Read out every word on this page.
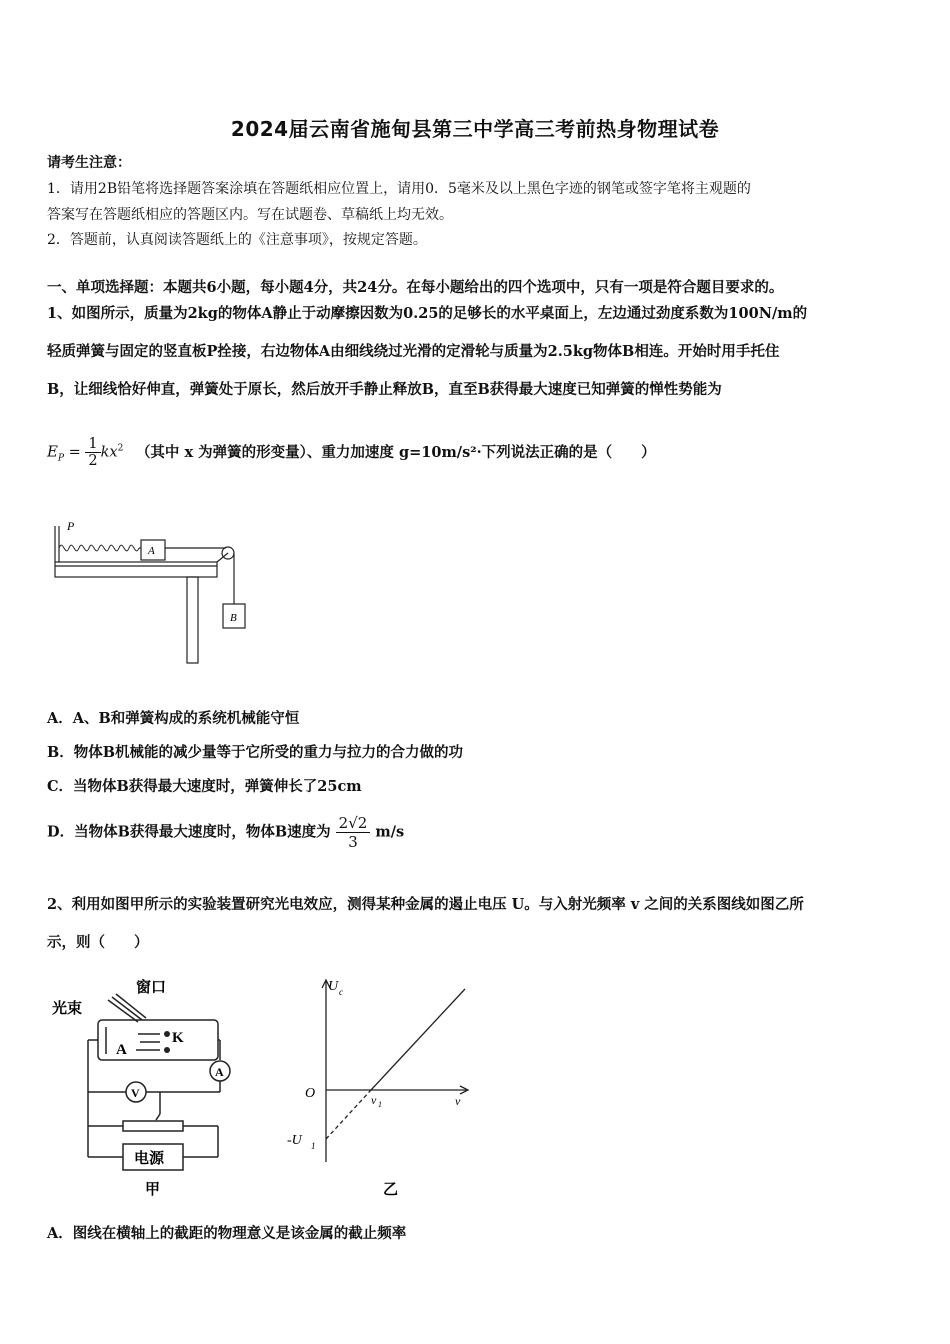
2024届云南省施甸县第三中学高三考前热身物理试卷
请考生注意：
1．请用2B铅笔将选择题答案涂填在答题纸相应位置上，请用0．5毫米及以上黑色字迹的钢笔或签字笔将主观题的
答案写在答题纸相应的答题区内。写在试题卷、草稿纸上均无效。
2．答题前，认真阅读答题纸上的《注意事项》，按规定答题。
一、单项选择题：本题共6小题，每小题4分，共24分。在每小题给出的四个选项中，只有一项是符合题目要求的。
1、如图所示，质量为2kg的物体A静止于动摩擦因数为0.25的足够长的水平桌面上，左边通过劲度系数为100N/m的
轻质弹簧与固定的竖直板P拴接，右边物体A由细线绕过光滑的定滑轮与质量为2.5kg物体B相连。开始时用手托住
B，让细线恰好伸直，弹簧处于原长，然后放开手静止释放B，直至B获得最大速度已知弹簧的惮性势能为
$E_P = \frac{1}{2} kx^2$ （其中 x 为弹簧的形变量）、重力加速度 g=10m/s²·下列说法正确的是（　　）
P
A
B
A．A、B和弹簧构成的系统机械能守恒
B．物体B机械能的减少量等于它所受的重力与拉力的合力做的功
C．当物体B获得最大速度时，弹簧伸长了25cm
D．当物体B获得最大速度时，物体B速度为 $\frac{2√2}{3} m/s$
2、利用如图甲所示的实验装置研究光电效应，测得某种金属的遏止电压 U。与入射光频率 v 之间的关系图线如图乙所
示，则（　　）
窗口
光束
A
K
V
A
电源
甲
U c
O	v 1	v
-U 1
乙
A．图线在横轴上的截距的物理意义是该金属的截止频率
